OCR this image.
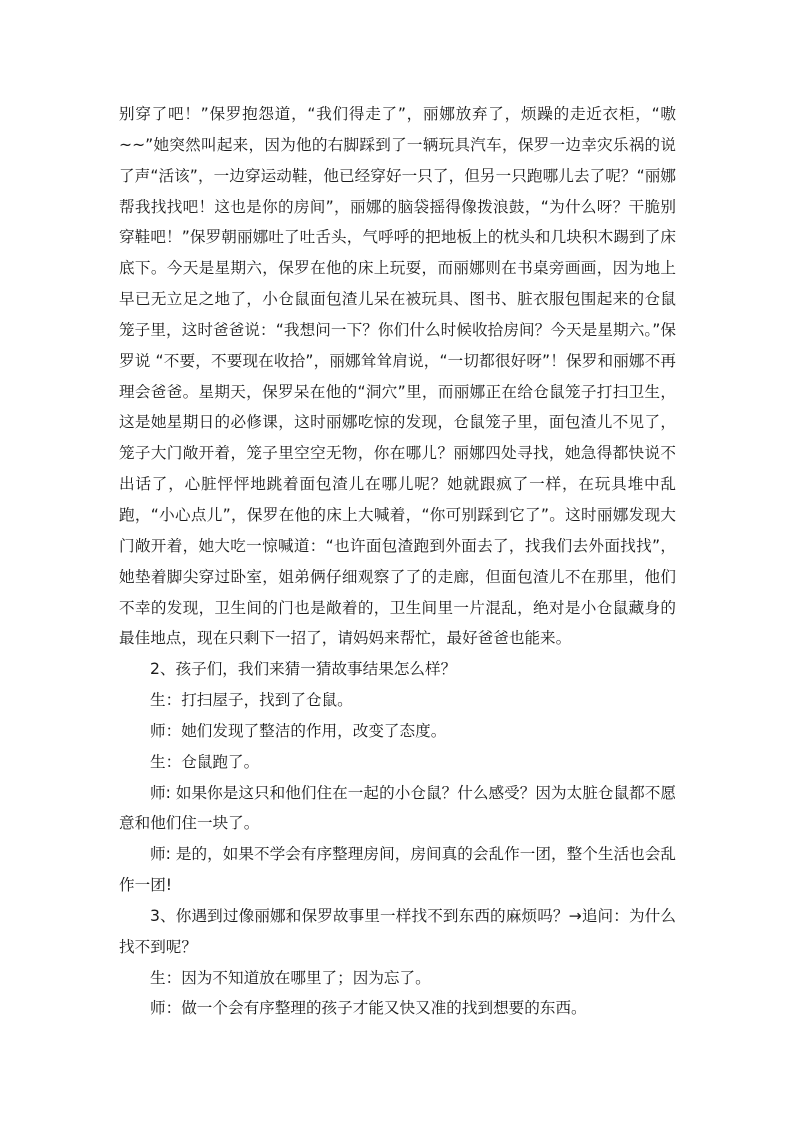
别穿了吧！”保罗抱怨道，“我们得走了”，丽娜放弃了，烦躁的走近衣柜，“嗷~~”她突然叫起来，因为他的右脚踩到了一辆玩具汽车，保罗一边幸灾乐祸的说了声“活该”，一边穿运动鞋，他已经穿好一只了，但另一只跑哪儿去了呢？“丽娜帮我找找吧！这也是你的房间”，丽娜的脑袋摇得像拨浪鼓，“为什么呀？干脆别穿鞋吧！”保罗朝丽娜吐了吐舌头，气呼呼的把地板上的枕头和几块积木踢到了床底下。今天是星期六，保罗在他的床上玩耍，而丽娜则在书桌旁画画，因为地上早已无立足之地了，小仓鼠面包渣儿呆在被玩具、图书、脏衣服包围起来的仓鼠笼子里，这时爸爸说：“我想问一下？你们什么时候收拾房间？今天是星期六。”保罗说 “不要，不要现在收拾”，丽娜耸耸肩说，“一切都很好呀”！保罗和丽娜不再理会爸爸。星期天，保罗呆在他的“洞穴”里，而丽娜正在给仓鼠笼子打扫卫生，这是她星期日的必修课，这时丽娜吃惊的发现，仓鼠笼子里，面包渣儿不见了，笼子大门敞开着，笼子里空空无物，你在哪儿？丽娜四处寻找，她急得都快说不出话了，心脏怦怦地跳着面包渣儿在哪儿呢？她就跟疯了一样，在玩具堆中乱跑，“小心点儿”，保罗在他的床上大喊着，“你可别踩到它了”。这时丽娜发现大门敞开着，她大吃一惊喊道：“也许面包渣跑到外面去了，找我们去外面找找”，她垫着脚尖穿过卧室，姐弟俩仔细观察了了的走廊，但面包渣儿不在那里，他们不幸的发现，卫生间的门也是敞着的，卫生间里一片混乱，绝对是小仓鼠藏身的最佳地点，现在只剩下一招了，请妈妈来帮忙，最好爸爸也能来。

2、孩子们，我们来猜一猜故事结果怎么样？

生：打扫屋子，找到了仓鼠。

师：她们发现了整洁的作用，改变了态度。

生：仓鼠跑了。

师: 如果你是这只和他们住在一起的小仓鼠？什么感受？因为太脏仓鼠都不愿意和他们住一块了。

师: 是的，如果不学会有序整理房间，房间真的会乱作一团，整个生活也会乱作一团!

3、你遇到过像丽娜和保罗故事里一样找不到东西的麻烦吗？→追问：为什么找不到呢？

生：因为不知道放在哪里了；因为忘了。

师：做一个会有序整理的孩子才能又快又准的找到想要的东西。
